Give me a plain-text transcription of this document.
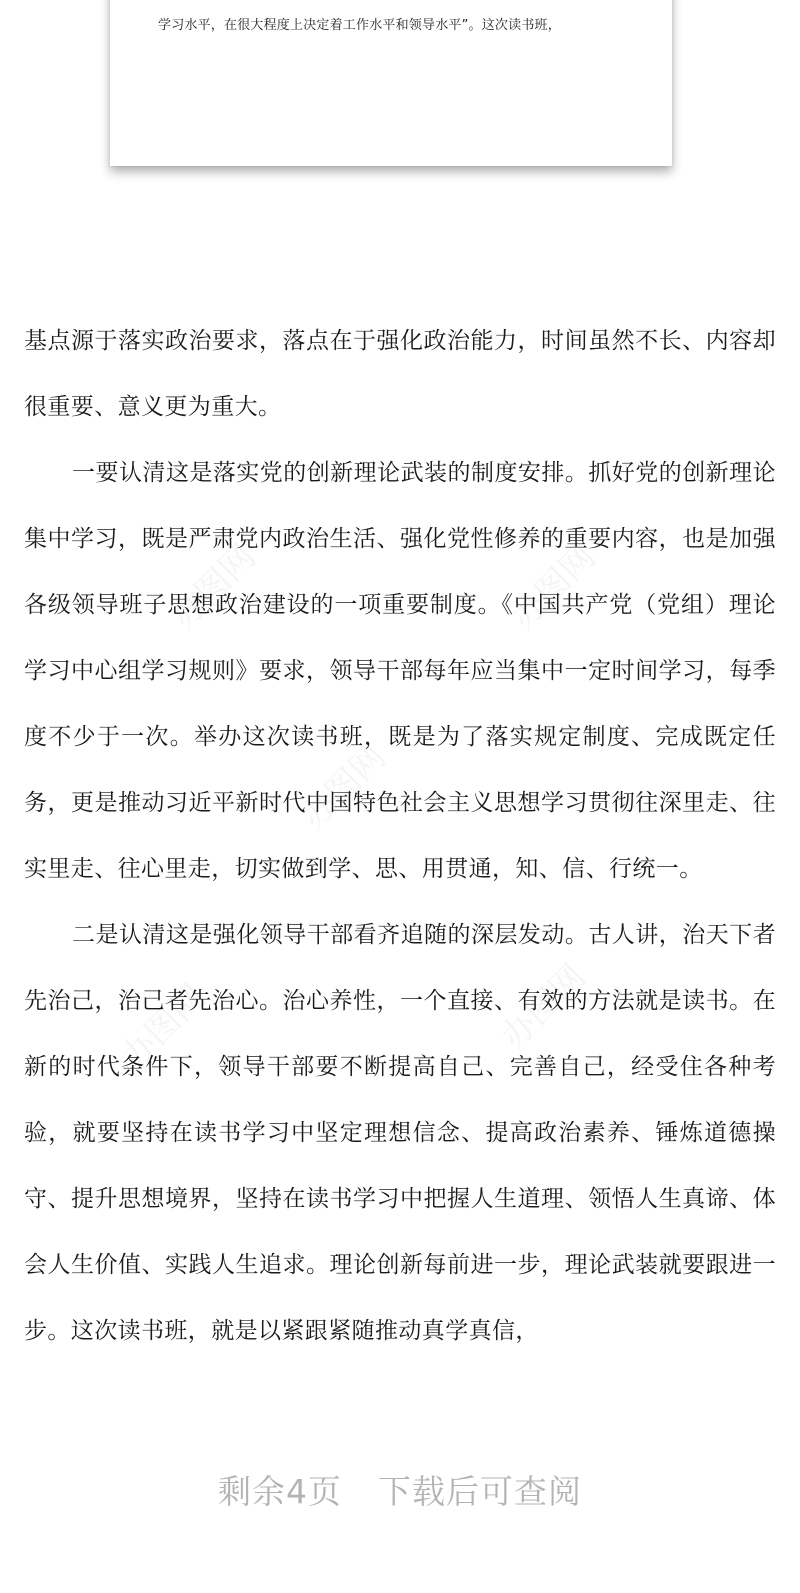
学习水平，在很大程度上决定着工作水平和领导水平”。这次读书班，

基点源于落实政治要求，落点在于强化政治能力，时间虽然不长、内容却很重要、意义更为重大。

一要认清这是落实党的创新理论武装的制度安排。抓好党的创新理论集中学习，既是严肃党内政治生活、强化党性修养的重要内容，也是加强各级领导班子思想政治建设的一项重要制度。《中国共产党（党组）理论学习中心组学习规则》要求，领导干部每年应当集中一定时间学习，每季度不少于一次。举办这次读书班，既是为了落实规定制度、完成既定任务，更是推动习近平新时代中国特色社会主义思想学习贯彻往深里走、往实里走、往心里走，切实做到学、思、用贯通，知、信、行统一。

二是认清这是强化领导干部看齐追随的深层发动。古人讲，治天下者先治己，治己者先治心。治心养性，一个直接、有效的方法就是读书。在新的时代条件下，领导干部要不断提高自己、完善自己，经受住各种考验，就要坚持在读书学习中坚定理想信念、提高政治素养、锤炼道德操守、提升思想境界，坚持在读书学习中把握人生道理、领悟人生真谛、体会人生价值、实践人生追求。理论创新每前进一步，理论武装就要跟进一步。这次读书班，就是以紧跟紧随推动真学真信，

剩余4页 下载后可查阅
